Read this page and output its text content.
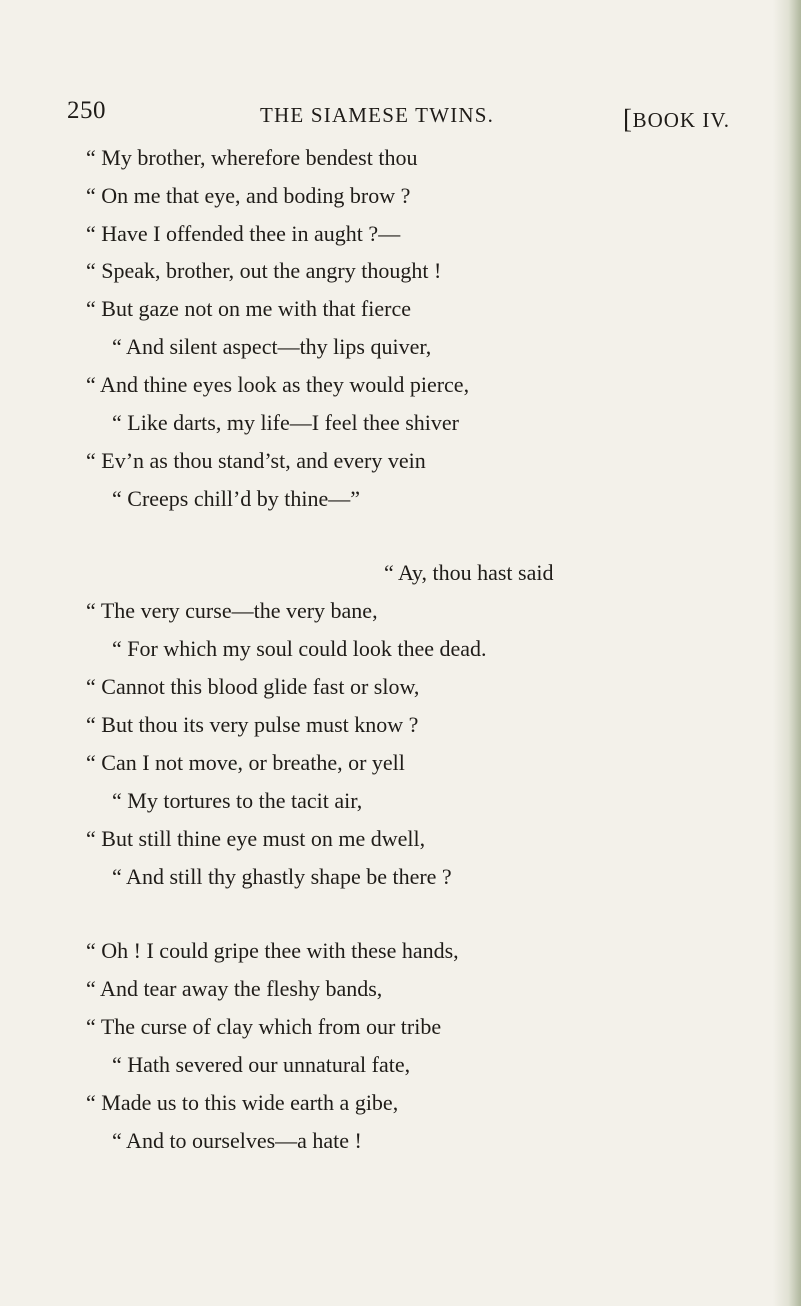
250	THE SIAMESE TWINS.	[BOOK IV.
“ My brother, wherefore bendest thou
“ On me that eye, and boding brow ?
“ Have I offended thee in aught ?—
“ Speak, brother, out the angry thought !
“ But gaze not on me with that fierce
“ And silent aspect—thy lips quiver,
“ And thine eyes look as they would pierce,
“ Like darts, my life—I feel thee shiver
“ Ev’n as thou stand’st, and every vein
“ Creeps chill’d by thine—”
“ Ay, thou hast said
“ The very curse—the very bane,
“ For which my soul could look thee dead.
“ Cannot this blood glide fast or slow,
“ But thou its very pulse must know ?
“ Can I not move, or breathe, or yell
“ My tortures to the tacit air,
“ But still thine eye must on me dwell,
“ And still thy ghastly shape be there ?
“ Oh ! I could gripe thee with these hands,
“ And tear away the fleshy bands,
“ The curse of clay which from our tribe
“ Hath severed our unnatural fate,
“ Made us to this wide earth a gibe,
“ And to ourselves—a hate !
